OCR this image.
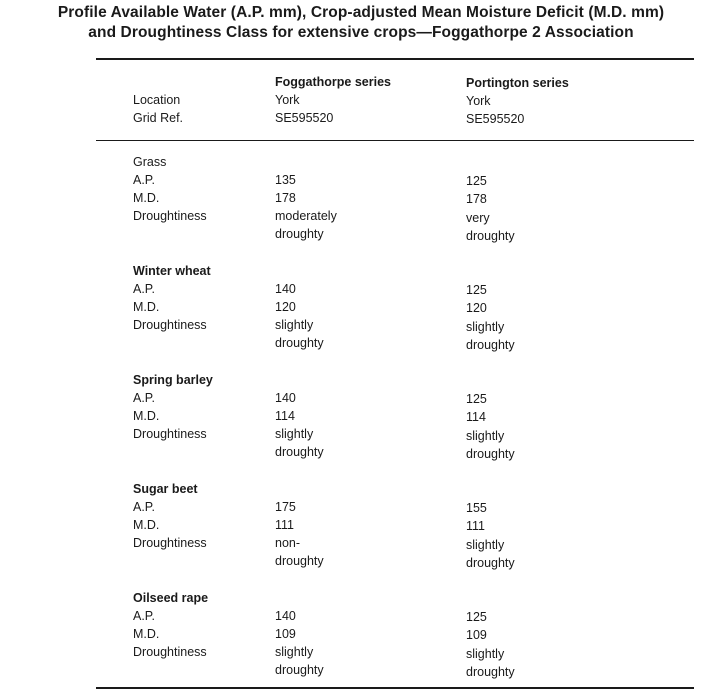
Profile Available Water (A.P. mm), Crop-adjusted Mean Moisture Deficit (M.D. mm)
and Droughtiness Class for extensive crops—Foggathorpe 2 Association
Foggathorpe series	Portington series
Location	York	York
Grid Ref.	SE595520	SE595520
Grass
A.P.	135	125
M.D.	178	178
Droughtiness	moderately	very
droughty	droughty
Winter wheat
A.P.	140	125
M.D.	120	120
Droughtiness	slightly	slightly
droughty	droughty
Spring barley
A.P.	140	125
M.D.	114	114
Droughtiness	slightly	slightly
droughty	droughty
Sugar beet
A.P.	175	155
M.D.	111	111
Droughtiness	non-	slightly
droughty	droughty
Oilseed rape
A.P.	140	125
M.D.	109	109
Droughtiness	slightly	slightly
droughty	droughty
